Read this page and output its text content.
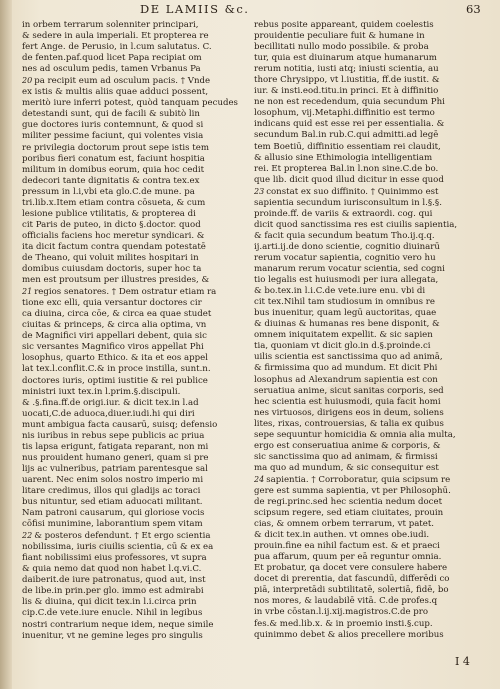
DE LAMIIS &c.	63
in orbem terrarum solenniter principari,
& sedere in aula imperiali. Et propterea re
fert Ange. de Perusio, in l.cum salutatus. C.
de fenten.paf.quod licet Papa recipiat om
nes ad osculum pedis, tamen Vrbanus Pa
20 pa recipit eum ad osculum pacis. † Vnde
ex istis & multis aliis quae adduci possent,
meritò iure inferri potest, quòd tanquam pecudes
detestandi sunt, qui de facili & subitò lin
gue doctores iuris contemnunt, & quod si
militer pessime faciunt, qui volentes visia
re privilegia doctorum prout sepe istis tem
poribus fieri conatum est, faciunt hospitia
militum in domibus eorum, quia hoc cedit
dedecori tante dignitatis & contra tex.ex
pressum in l.i,vbi eta glo.C.de mune. pa
tri.lib.x.Item etiam contra cōsueta, & cum
lesione publice vtilitatis, & propterea di
cit Paris de puteo, in dicto §.doctor. quod
officialis faciens hoc meretur syndicari. &
ita dicit factum contra quendam potestatē
de Theano, qui voluit milites hospitari in
domibus cuiusdam doctoris, super hoc ta
men est proutsum per illustres presides, &
21 regios senatores. † Dem ostratur etiam ra
tione exc elli, quia versantur doctores cir
ca diuina, circa cōe, & circa ea quae studet
ciuitas & princeps, & circa alia optima, vn
de Magnifici viri appellari debent, quia sic
sic versantes Magnifico viros appellat Phi
losophus, quarto Ethico. & ita et eos appel
lat tex.l.conflit.C.& in proce instilla, sunt.n.
doctores iuris, optimi iustitie & rei publice
ministri iuxt tex.in l.prim.§.discipuli.
& .§.fina.ff.de origi.iur. & dicit tex.in l.ad
uocati,C.de aduoca,diuer.iudi.hi qui diri
munt ambigua facta causarū, suisq; defensio
nis iuribus in rebus sepe publicis ac priua
tis lapsa erigunt, fatigata reparant, non mi
nus prouident humano generi, quam si pre
lijs ac vulneribus, patriam parentesque sal
uarent. Nec enim solos nostro imperio mi
litare credimus, illos qui gladijs ac toraci
bus nituntur, sed etiam aduocati militant.
Nam patroni causarum, qui gloriose vocis
cōfisi munimine, laborantium spem vitam
22 & posteros defendunt. † Et ergo scientia
nobilissima, iuris ciuilis scientia, cū & ex ea
fiant nobilissimi eius professores, vt supra
& quia nemo dat quod non habet l.q.vi.C.
daiberit.de iure patronatus, quod aut, inst
de libe.in prin.per glo. immo est admirabi
lis & diuina, qui dicit tex.in l.i.circa prin
cip.C.de vete.iure enucle. Nihil in legibus
nostri contrarium neque idem, neque simile
inuenitur, vt ne gemine leges pro singulis
rebus posite appareant, quidem coelestis
prouidentie peculiare fuit & humane in
becillitati nullo modo possibile. & proba
tur, quia est diuinarum atque humanarum
rerum notitia, iusti atq; iniusti scientia, au
thore Chrysippo, vt l.iustitia, ff.de iustit. &
iur. & insti.eod.titu.in princi. Et à diffinitio
ne non est recedendum, quia secundum Phi
losophum, vij.Metaphi.diffinitio est termo
indicans quid est esse rei per essentialia. &
secundum Bal.in rub.C.qui admitti.ad legē
tem Boetiū, diffinitio essentiam rei claudit,
& allusio sine Ethimologia intelligentiam
rei. Et propterea Bal.in l.non sine.C.de bo.
que lib. dicit quod illud dicitur in esse quod
23 constat ex suo diffinito. † Quinimmo est
sapientia secundum iurisconsultum in l.§.§.
proinde.ff. de variis & extraordi. cog. qui
dicit quod sanctissima res est ciuilis sapientia,
& facit quia secundum beatum Tho.ij.q.q.
ij.arti.ij.de dono scientie, cognitio diuinarū
rerum vocatur sapientia, cognitio vero hu
manarum rerum vocatur scientia, sed cogni
tio legalis est huiusmodi per iura allegata,
& bo.tex.in l.i.C.de vete.iure enu. vbi di
cit tex.Nihil tam studiosum in omnibus re
bus inuenitur, quam legū auctoritas, quae
& diuinas & humanas res bene disponit, &
omnem iniquitatem expellit. & sic sapien
tia, quoniam vt dicit glo.in d.§.proinde.ci
uilis scientia est sanctissima quo ad animā,
& firmissima quo ad mundum. Et dicit Phi
losophus ad Alexandrum sapientia est con
seruatiua anime, sicut sanitas corporis, sed
hec scientia est huiusmodi, quia facit homi
nes virtuosos, dirigens eos in deum, soliens
lites, rixas, controuersias, & talia ex quibus
sepe sequuntur homicidia & omnia alia multa,
ergo est conseruatiua anime & corporis, &
sic sanctissima quo ad animam, & firmissi
ma quo ad mundum, & sic consequitur est
24 sapientia. † Corroboratur, quia scipsum re
gere est summa sapientia, vt per Philosophū.
de regi.princ.sed hec scientia nedum docet
scipsum regere, sed etiam ciuitates, prouin
cias, & omnem orbem terrarum, vt patet.
& dicit tex.in authen. vt omnes obe.iudi.
prouin.fine ea nihil factum est. & et praeci
pua affarum, quum per eā reguntur omnia.
Et probatur, qa docet vere consulere habere
docet di prerentia, dat fascundū, differēdi co
piā, interpretādi subtilitatē, solertiā, fidē, bo
nos mores, & laudabilē vitā. C.de profes.q
in vrbe cōstan.l.ij.xij.magistros.C.de pro
fes.& med.lib.x. & in proemio insti.§.cup.
quinimmo debet & alios precellere moribus
I 4
